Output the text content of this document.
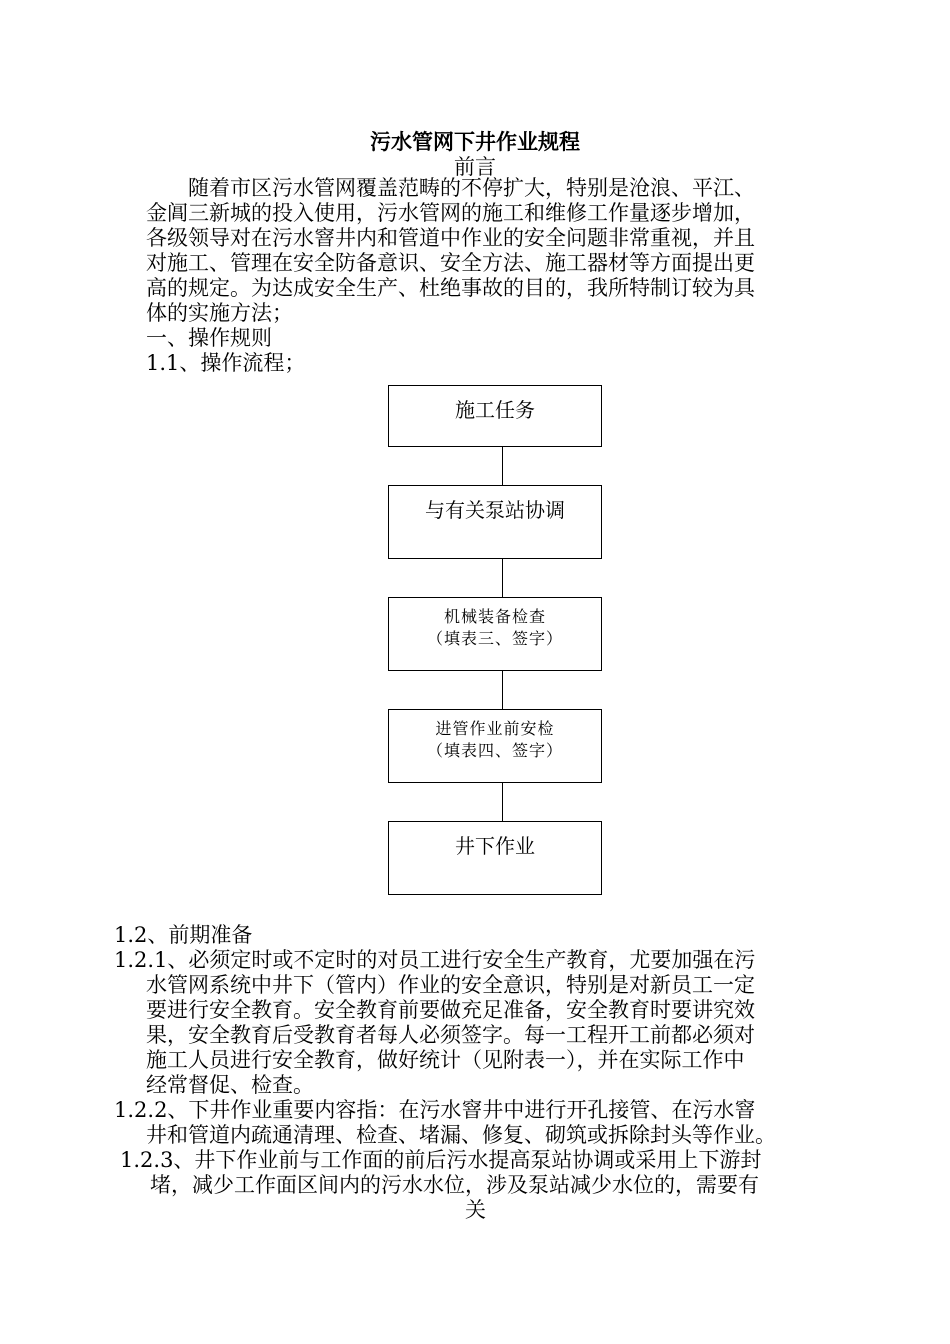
污水管网下井作业规程
前言
随着市区污水管网覆盖范畴的不停扩大，特别是沧浪、平江、
金阊三新城的投入使用，污水管网的施工和维修工作量逐步增加，
各级领导对在污水窨井内和管道中作业的安全问题非常重视，并且
对施工、管理在安全防备意识、安全方法、施工器材等方面提出更
高的规定。为达成安全生产、杜绝事故的目的，我所特制订较为具
体的实施方法；
一、操作规则
1.1、操作流程；
施工任务
与有关泵站协调
机械装备检查
（填表三、签字）
进管作业前安检
（填表四、签字）
井下作业
1.2、前期准备
1.2.1、必须定时或不定时的对员工进行安全生产教育，尤要加强在污
水管网系统中井下（管内）作业的安全意识，特别是对新员工一定
要进行安全教育。安全教育前要做充足准备，安全教育时要讲究效
果，安全教育后受教育者每人必须签字。每一工程开工前都必须对
施工人员进行安全教育，做好统计（见附表一），并在实际工作中
经常督促、检查。
1.2.2、下井作业重要内容指：在污水窨井中进行开孔接管、在污水窨
井和管道内疏通清理、检查、堵漏、修复、砌筑或拆除封头等作业。
1.2.3、井下作业前与工作面的前后污水提高泵站协调或采用上下游封
堵，减少工作面区间内的污水水位，涉及泵站减少水位的，需要有
关
